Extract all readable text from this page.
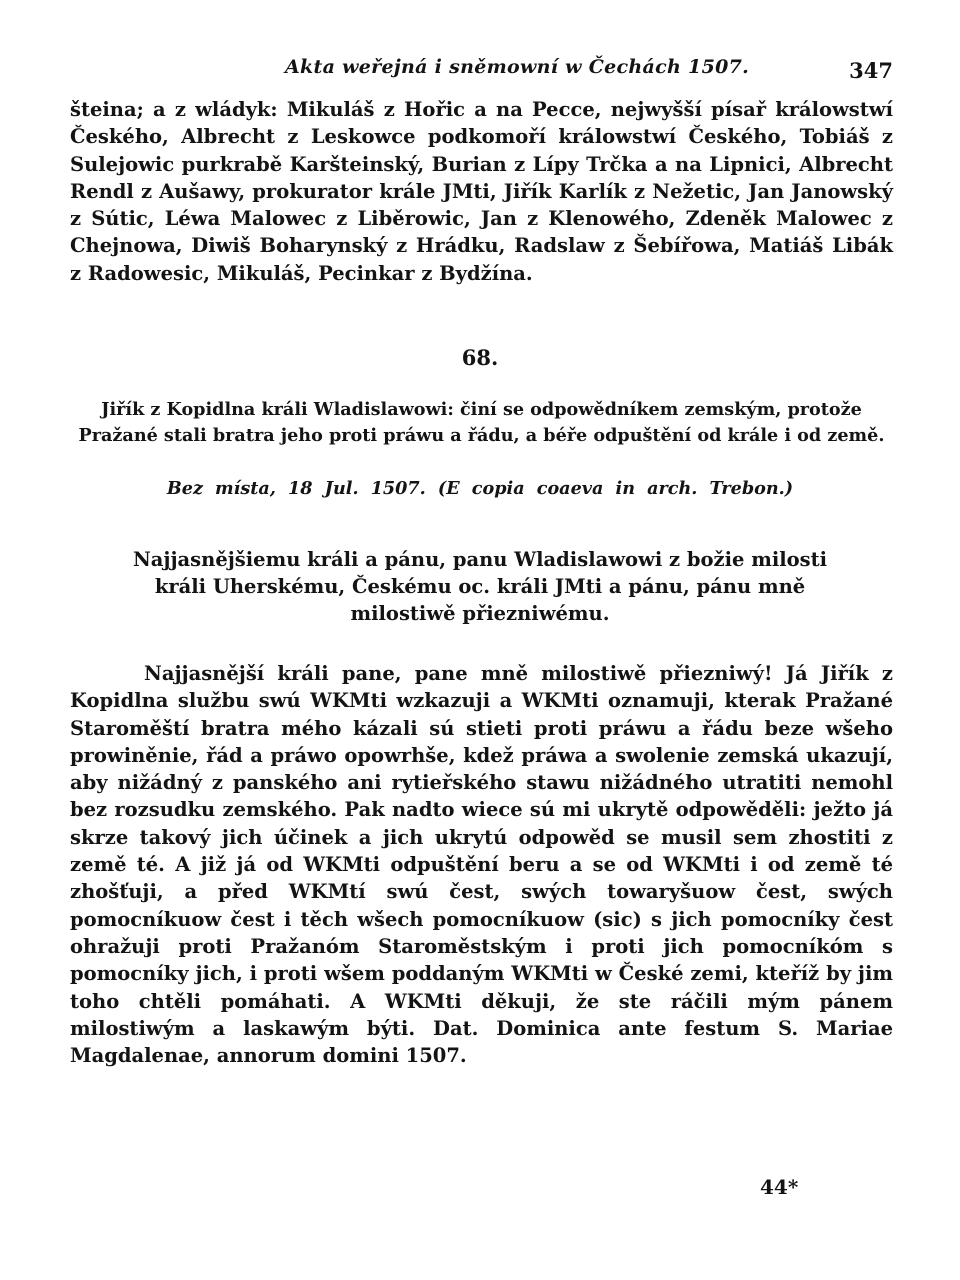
Akta weřejná i sněmowní w Čechách 1507.	347

šteina; a z wládyk: Mikuláš z Hořic a na Pecce, nejwyšší písař králowstwí Českého, Albrecht z Leskowce podkomoří králowstwí Českého, Tobiáš z Sulejowic purkrabě Karšteinský, Burian z Lípy Trčka a na Lipnici, Albrecht Rendl z Aušawy, prokurator krále JMti, Jiřík Karlík z Nežetic, Jan Janowský z Sútic, Léwa Malowec z Liběrowic, Jan z Klenowého, Zdeněk Malowec z Chejnowa, Diwiš Boharynský z Hrádku, Radslaw z Šebířowa, Matiáš Libák z Radowesic, Mikuláš, Pecinkar z Bydžína.

68.

Jiřík z Kopidlna králi Wladislawowi: činí se odpowědníkem zemským, protože Pražané stali bratra jeho proti práwu a řádu, a béře odpuštění od krále i od země.

Bez místa, 18 Jul. 1507. (E copia coaeva in arch. Trebon.)

Najjasnějšiemu králi a pánu, panu Wladislawowi z božie milosti králi Uherskému, Českému oc. králi JMti a pánu, pánu mně milostiwě přiezniwému.

Najjasnější králi pane, pane mně milostiwě přiezniwý! Já Jiřík z Kopidlna službu swú WKMti wzkazuji a WKMti oznamuji, kterak Pražané Staroměští bratra mého kázali sú stieti proti práwu a řádu beze wšeho prowiněnie, řád a práwo opowrhše, kdež práwa a swolenie zemská ukazují, aby nižádný z panského ani rytieřského stawu nižádného utratiti nemohl bez rozsudku zemského. Pak nadto wiece sú mi ukrytě odpowěděli: ježto já skrze takový jich účinek a jich ukrytú odpowěd se musil sem zhostiti z země té. A již já od WKMti odpuštění beru a se od WKMti i od země té zhošťuji, a před WKMtí swú čest, swých towaryšuow čest, swých pomocníkuow čest i těch wšech pomocníkuow (sic) s jich pomocníky čest ohražuji proti Pražanóm Staroměstským i proti jich pomocníkóm s pomocníky jich, i proti wšem poddaným WKMti w České zemi, kteříž by jim toho chtěli pomáhati. A WKMti děkuji, že ste ráčili mým pánem milostiwým a laskawým býti. Dat. Dominica ante festum S. Mariae Magdalenae, annorum domini 1507.

44*
